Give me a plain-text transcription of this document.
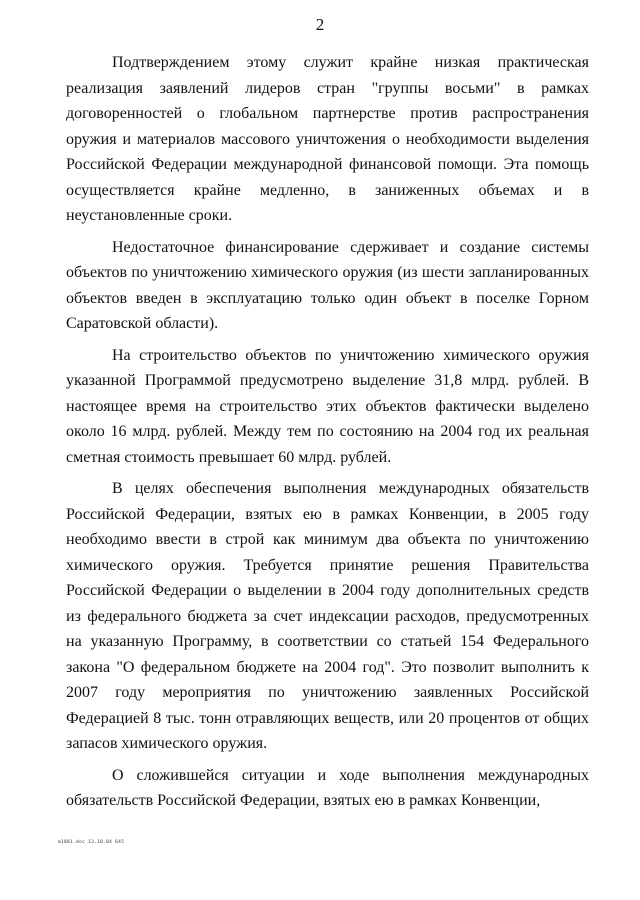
2

Подтверждением этому служит крайне низкая практическая реализация заявлений лидеров стран "группы восьми" в рамках договоренностей о глобальном партнерстве против распространения оружия и материалов массового уничтожения о необходимости выделения Российской Федерации международной финансовой помощи. Эта помощь осуществляется крайне медленно, в заниженных объемах и в неустановленные сроки.

Недостаточное финансирование сдерживает и создание системы объектов по уничтожению химического оружия (из шести запланированных объектов введен в эксплуатацию только один объект в поселке Горном Саратовской области).

На строительство объектов по уничтожению химического оружия указанной Программой предусмотрено выделение 31,8 млрд. рублей. В настоящее время на строительство этих объектов фактически выделено около 16 млрд. рублей. Между тем по состоянию на 2004 год их реальная сметная стоимость превышает 60 млрд. рублей.

В целях обеспечения выполнения международных обязательств Российской Федерации, взятых ею в рамках Конвенции, в 2005 году необходимо ввести в строй как минимум два объекта по уничтожению химического оружия. Требуется принятие решения Правительства Российской Федерации о выделении в 2004 году дополнительных средств из федерального бюджета за счет индексации расходов, предусмотренных на указанную Программу, в соответствии со статьей 154 Федерального закона "О федеральном бюджете на 2004 год". Это позволит выполнить к 2007 году мероприятия по уничтожению заявленных Российской Федерацией 8 тыс. тонн отравляющих веществ, или 20 процентов от общих запасов химического оружия.

О сложившейся ситуации и ходе выполнения международных обязательств Российской Федерации, взятых ею в рамках Конвенции,

m1881.doc 13.10.04 645
